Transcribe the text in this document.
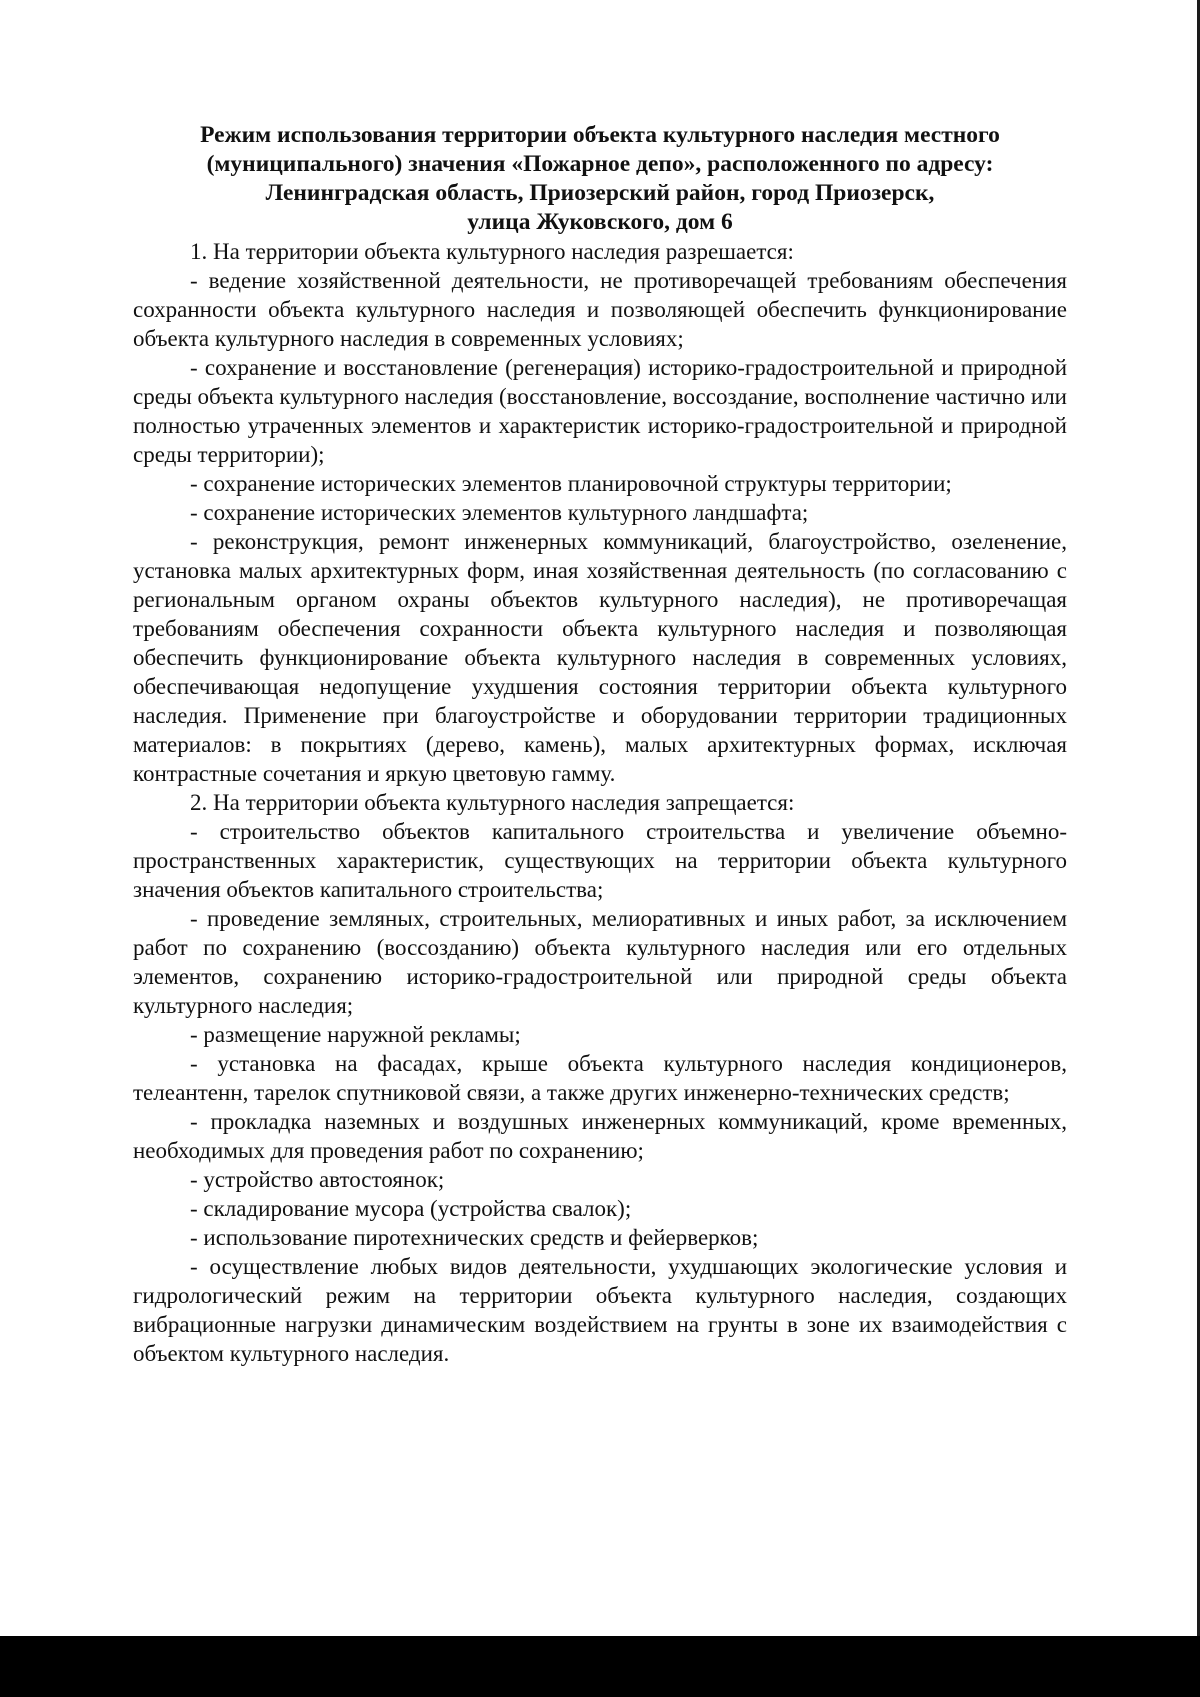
Режим использования территории объекта культурного наследия местного
(муниципального) значения «Пожарное депо», расположенного по адресу:
Ленинградская область, Приозерский район, город Приозерск,
улица Жуковского, дом 6

1. На территории объекта культурного наследия разрешается:

- ведение хозяйственной деятельности, не противоречащей требованиям обеспечения сохранности объекта культурного наследия и позволяющей обеспечить функционирование объекта культурного наследия в современных условиях;

- сохранение и восстановление (регенерация) историко-градостроительной и природной среды объекта культурного наследия (восстановление, воссоздание, восполнение частично или полностью утраченных элементов и характеристик историко-градостроительной и природной среды территории);

- сохранение исторических элементов планировочной структуры территории;

- сохранение исторических элементов культурного ландшафта;

- реконструкция, ремонт инженерных коммуникаций, благоустройство, озеленение, установка малых архитектурных форм, иная хозяйственная деятельность (по согласованию с региональным органом охраны объектов культурного наследия), не противоречащая требованиям обеспечения сохранности объекта культурного наследия и позволяющая обеспечить функционирование объекта культурного наследия в современных условиях, обеспечивающая недопущение ухудшения состояния территории объекта культурного наследия. Применение при благоустройстве и оборудовании территории традиционных материалов: в покрытиях (дерево, камень), малых архитектурных формах, исключая контрастные сочетания и яркую цветовую гамму.

2. На территории объекта культурного наследия запрещается:

- строительство объектов капитального строительства и увеличение объемно-пространственных характеристик, существующих на территории объекта культурного значения объектов капитального строительства;

- проведение земляных, строительных, мелиоративных и иных работ, за исключением работ по сохранению (воссозданию) объекта культурного наследия или его отдельных элементов, сохранению историко-градостроительной или природной среды объекта культурного наследия;

- размещение наружной рекламы;

- установка на фасадах, крыше объекта культурного наследия кондиционеров, телеантенн, тарелок спутниковой связи, а также других инженерно-технических средств;

- прокладка наземных и воздушных инженерных коммуникаций, кроме временных, необходимых для проведения работ по сохранению;

- устройство автостоянок;

- складирование мусора (устройства свалок);

- использование пиротехнических средств и фейерверков;

- осуществление любых видов деятельности, ухудшающих экологические условия и гидрологический режим на территории объекта культурного наследия, создающих вибрационные нагрузки динамическим воздействием на грунты в зоне их взаимодействия с объектом культурного наследия.
